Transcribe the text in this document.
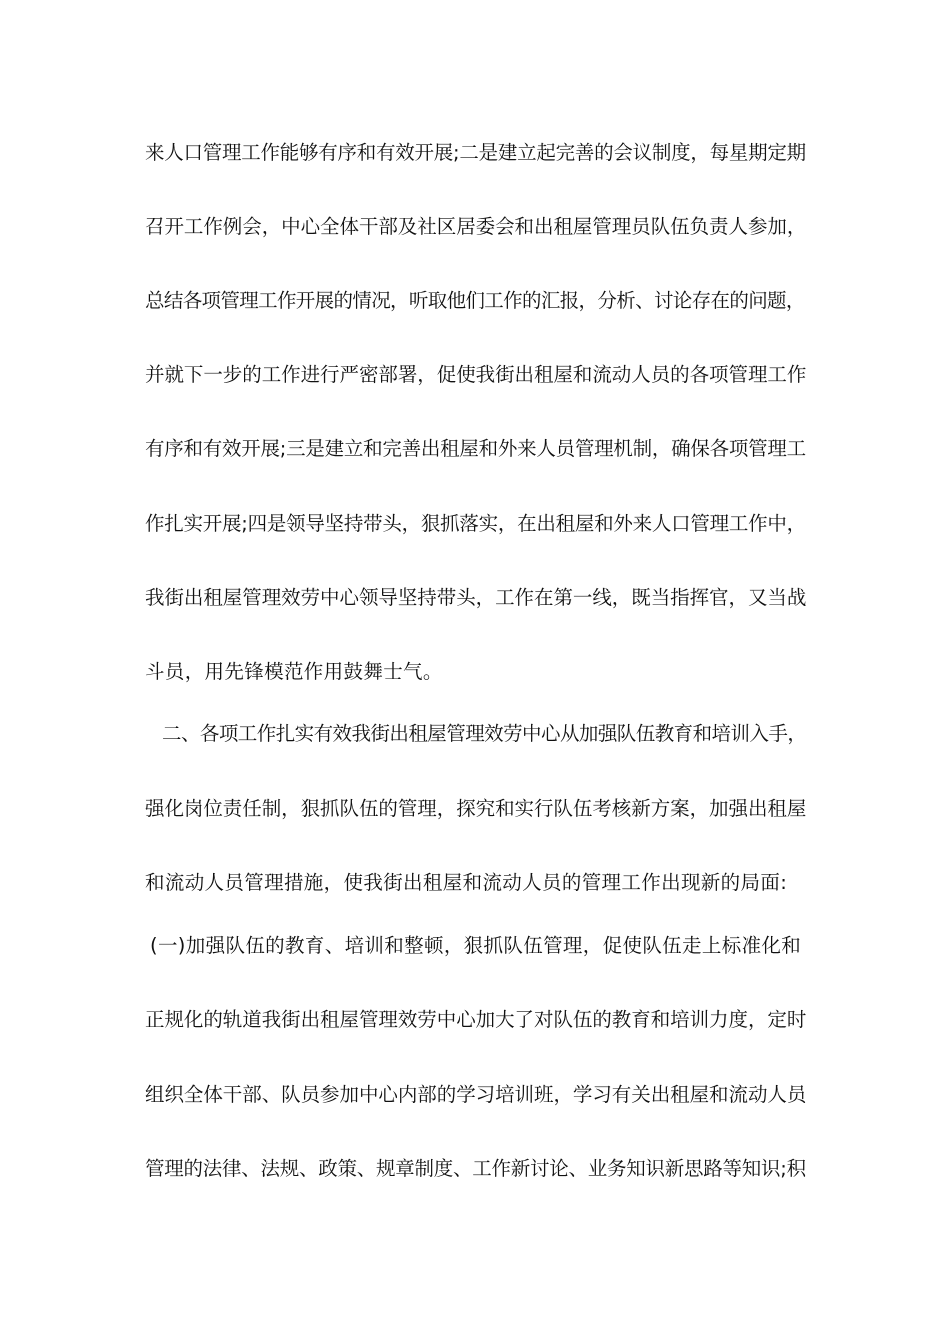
来人口管理工作能够有序和有效开展;二是建立起完善的会议制度，每星期定期
召开工作例会，中心全体干部及社区居委会和出租屋管理员队伍负责人参加，
总结各项管理工作开展的情况，听取他们工作的汇报，分析、讨论存在的问题，
并就下一步的工作进行严密部署，促使我街出租屋和流动人员的各项管理工作
有序和有效开展;三是建立和完善出租屋和外来人员管理机制，确保各项管理工
作扎实开展;四是领导坚持带头，狠抓落实，在出租屋和外来人口管理工作中，
我街出租屋管理效劳中心领导坚持带头，工作在第一线，既当指挥官，又当战
斗员，用先锋模范作用鼓舞士气。
二、各项工作扎实有效我街出租屋管理效劳中心从加强队伍教育和培训入手，
强化岗位责任制，狠抓队伍的管理，探究和实行队伍考核新方案，加强出租屋
和流动人员管理措施，使我街出租屋和流动人员的管理工作出现新的局面:
(一)加强队伍的教育、培训和整顿，狠抓队伍管理，促使队伍走上标准化和
正规化的轨道我街出租屋管理效劳中心加大了对队伍的教育和培训力度，定时
组织全体干部、队员参加中心内部的学习培训班，学习有关出租屋和流动人员
管理的法律、法规、政策、规章制度、工作新讨论、业务知识新思路等知识;积
